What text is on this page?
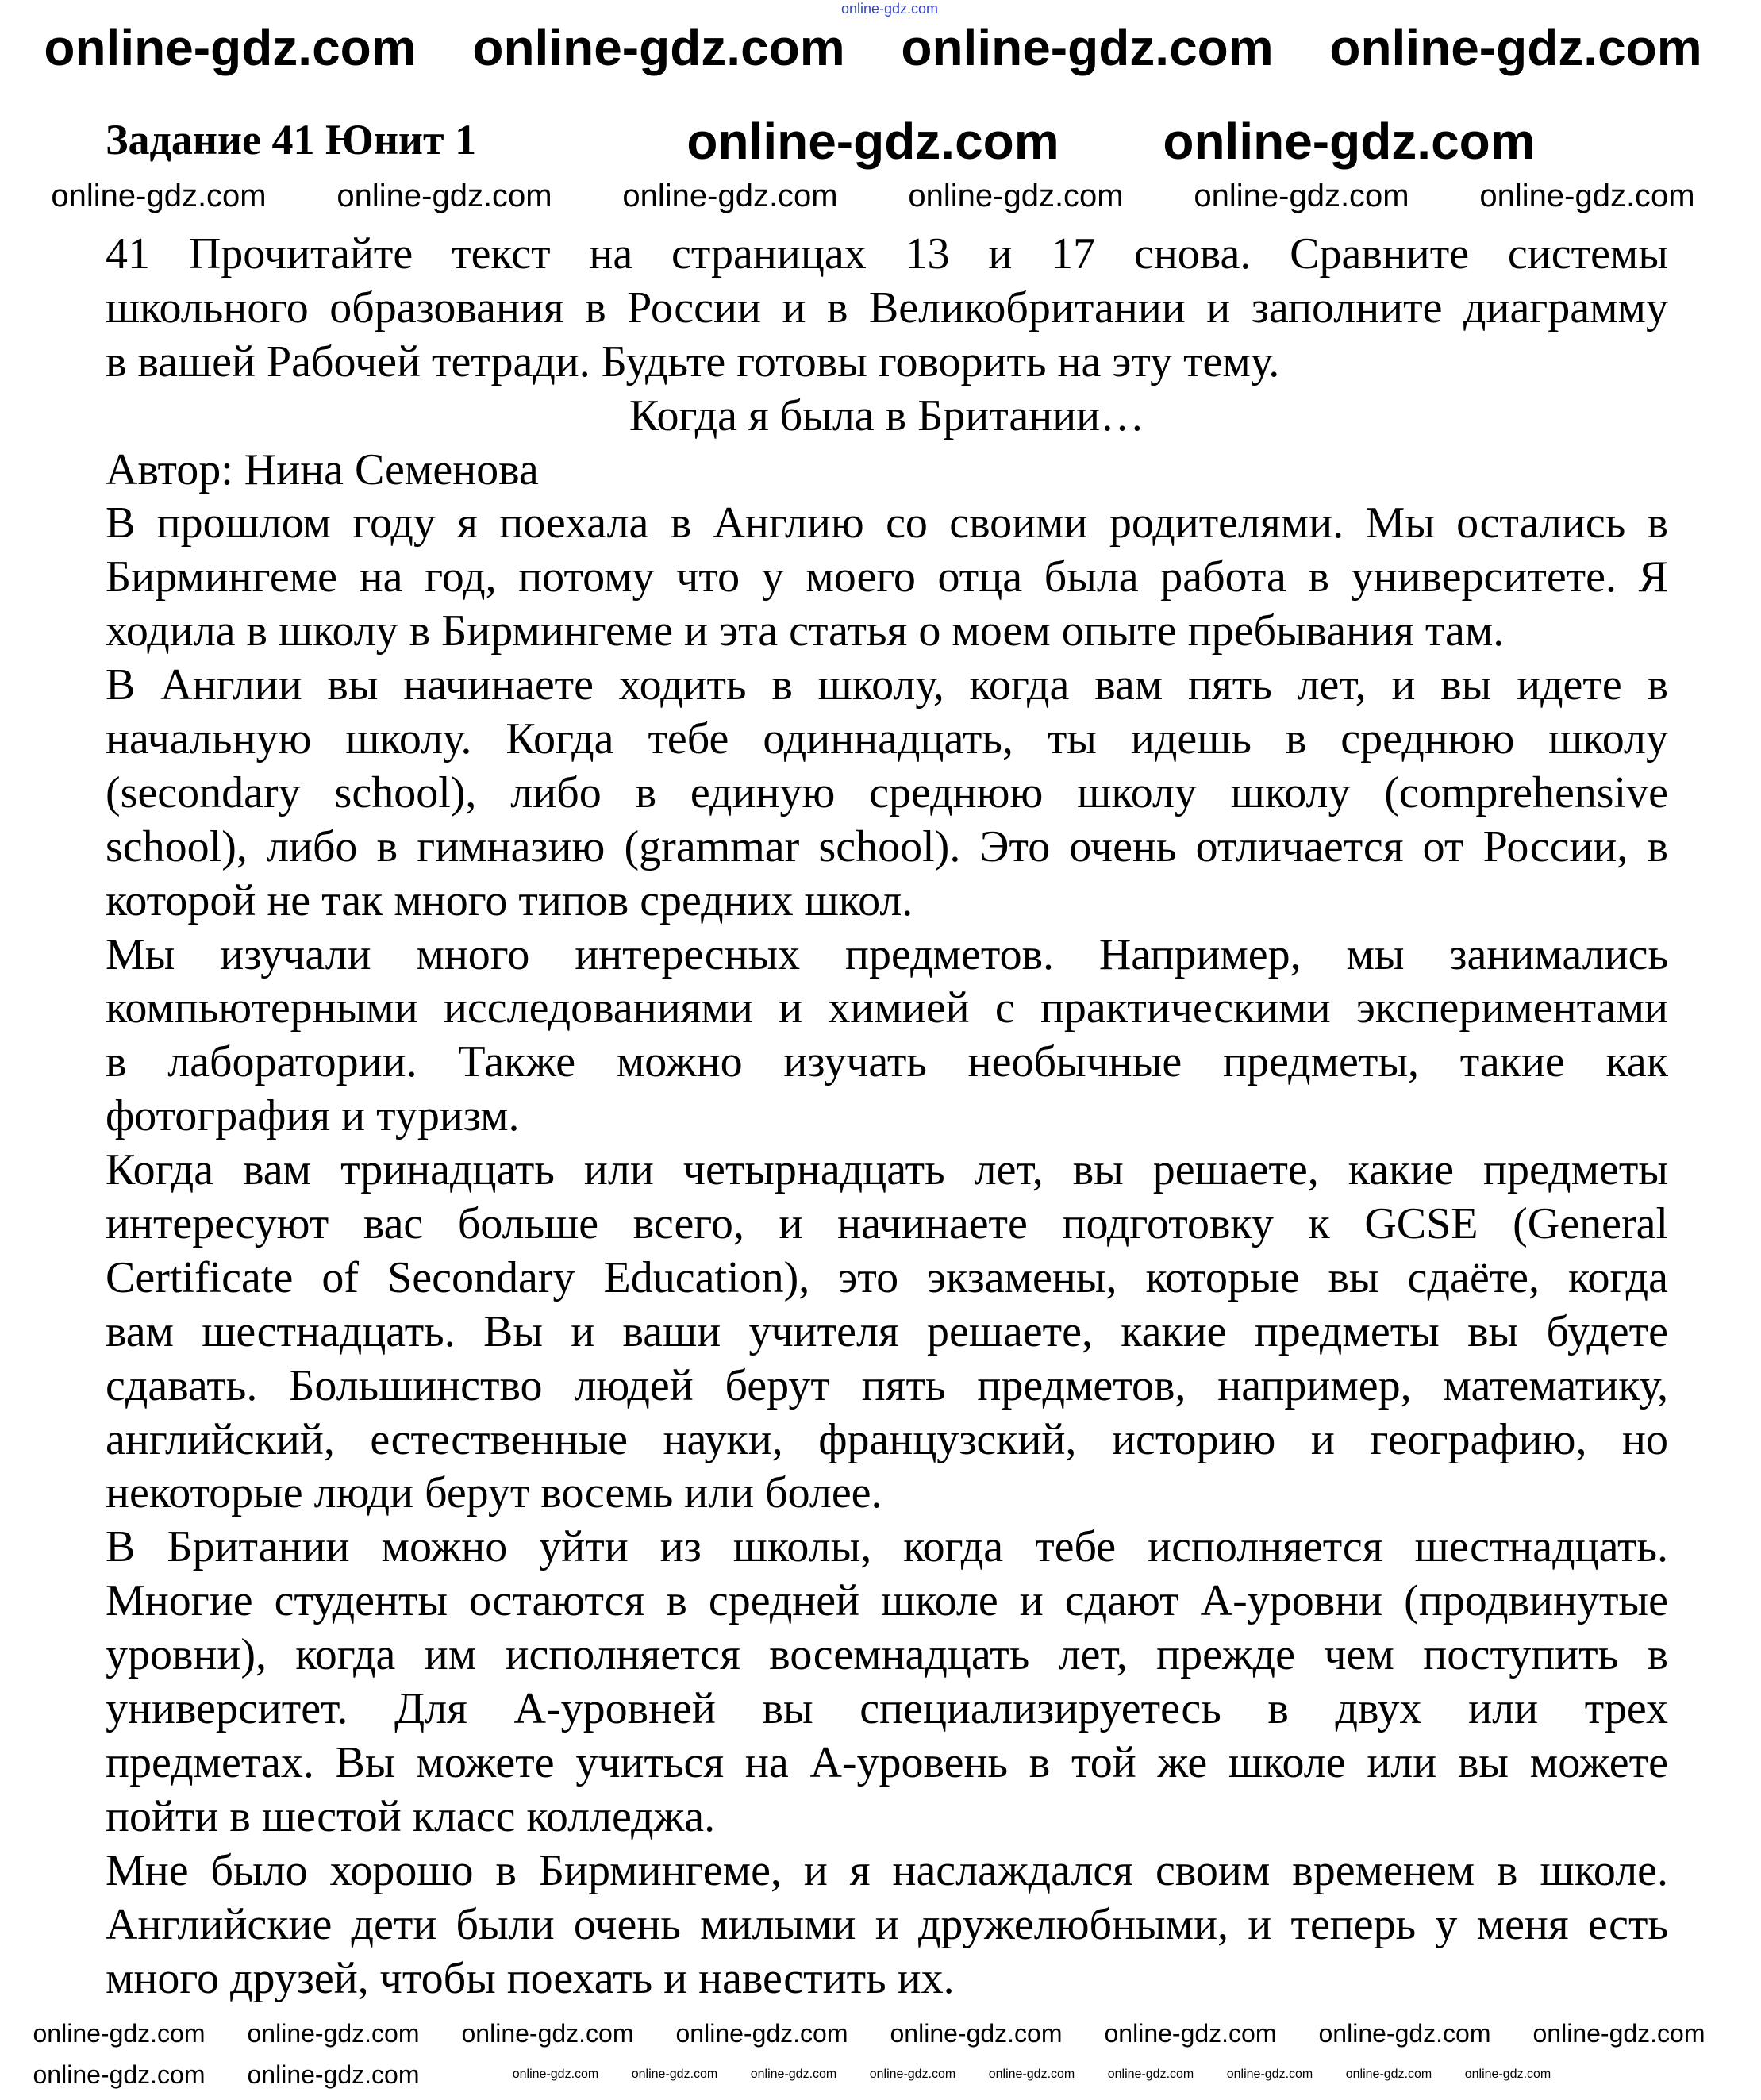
online-gdz.com
Задание 41 Юнит 1
41 Прочитайте текст на страницах 13 и 17 снова. Сравните системы
школьного образования в России и в Великобритании и заполните диаграмму
в вашей Рабочей тетради. Будьте готовы говорить на эту тему.
Когда я была в Британии…
Автор: Нина Семенова
В прошлом году я поехала в Англию со своими родителями. Мы остались в
Бирмингеме на год, потому что у моего отца была работа в университете. Я
ходила в школу в Бирмингеме и эта статья о моем опыте пребывания там.
В Англии вы начинаете ходить в школу, когда вам пять лет, и вы идете в
начальную школу. Когда тебе одиннадцать, ты идешь в среднюю школу
(secondary school), либо в единую среднюю школу школу (comprehensive
school), либо в гимназию (grammar school). Это очень отличается от России, в
которой не так много типов средних школ.
Мы изучали много интересных предметов. Например, мы занимались
компьютерными исследованиями и химией с практическими экспериментами
в лаборатории. Также можно изучать необычные предметы, такие как
фотография и туризм.
Когда вам тринадцать или четырнадцать лет, вы решаете, какие предметы
интересуют вас больше всего, и начинаете подготовку к GCSE (General
Certificate of Secondary Education), это экзамены, которые вы сдаёте, когда
вам шестнадцать. Вы и ваши учителя решаете, какие предметы вы будете
сдавать. Большинство людей берут пять предметов, например, математику,
английский, естественные науки, французский, историю и географию, но
некоторые люди берут восемь или более.
В Британии можно уйти из школы, когда тебе исполняется шестнадцать.
Многие студенты остаются в средней школе и сдают А-уровни (продвинутые
уровни), когда им исполняется восемнадцать лет, прежде чем поступить в
университет. Для А-уровней вы специализируетесь в двух или трех
предметах. Вы можете учиться на А-уровень в той же школе или вы можете
пойти в шестой класс колледжа.
Мне было хорошо в Бирмингеме, и я наслаждался своим временем в школе.
Английские дети были очень милыми и дружелюбными, и теперь у меня есть
много друзей, чтобы поехать и навестить их.
online-gdz.com online-gdz.com online-gdz.com online-gdz.com
online-gdz.com online-gdz.com
online-gdz.com online-gdz.com online-gdz.com online-gdz.com online-gdz.com online-gdz.com
online-gdz.com online-gdz.com online-gdz.com online-gdz.com online-gdz.com online-gdz.com online-gdz.com online-gdz.com
online-gdz.com online-gdz.com	online-gdz.com	online-gdz.com	online-gdz.com	online-gdz.com	online-gdz.com	online-gdz.com	online-gdz.com	online-gdz.com	online-gdz.com
